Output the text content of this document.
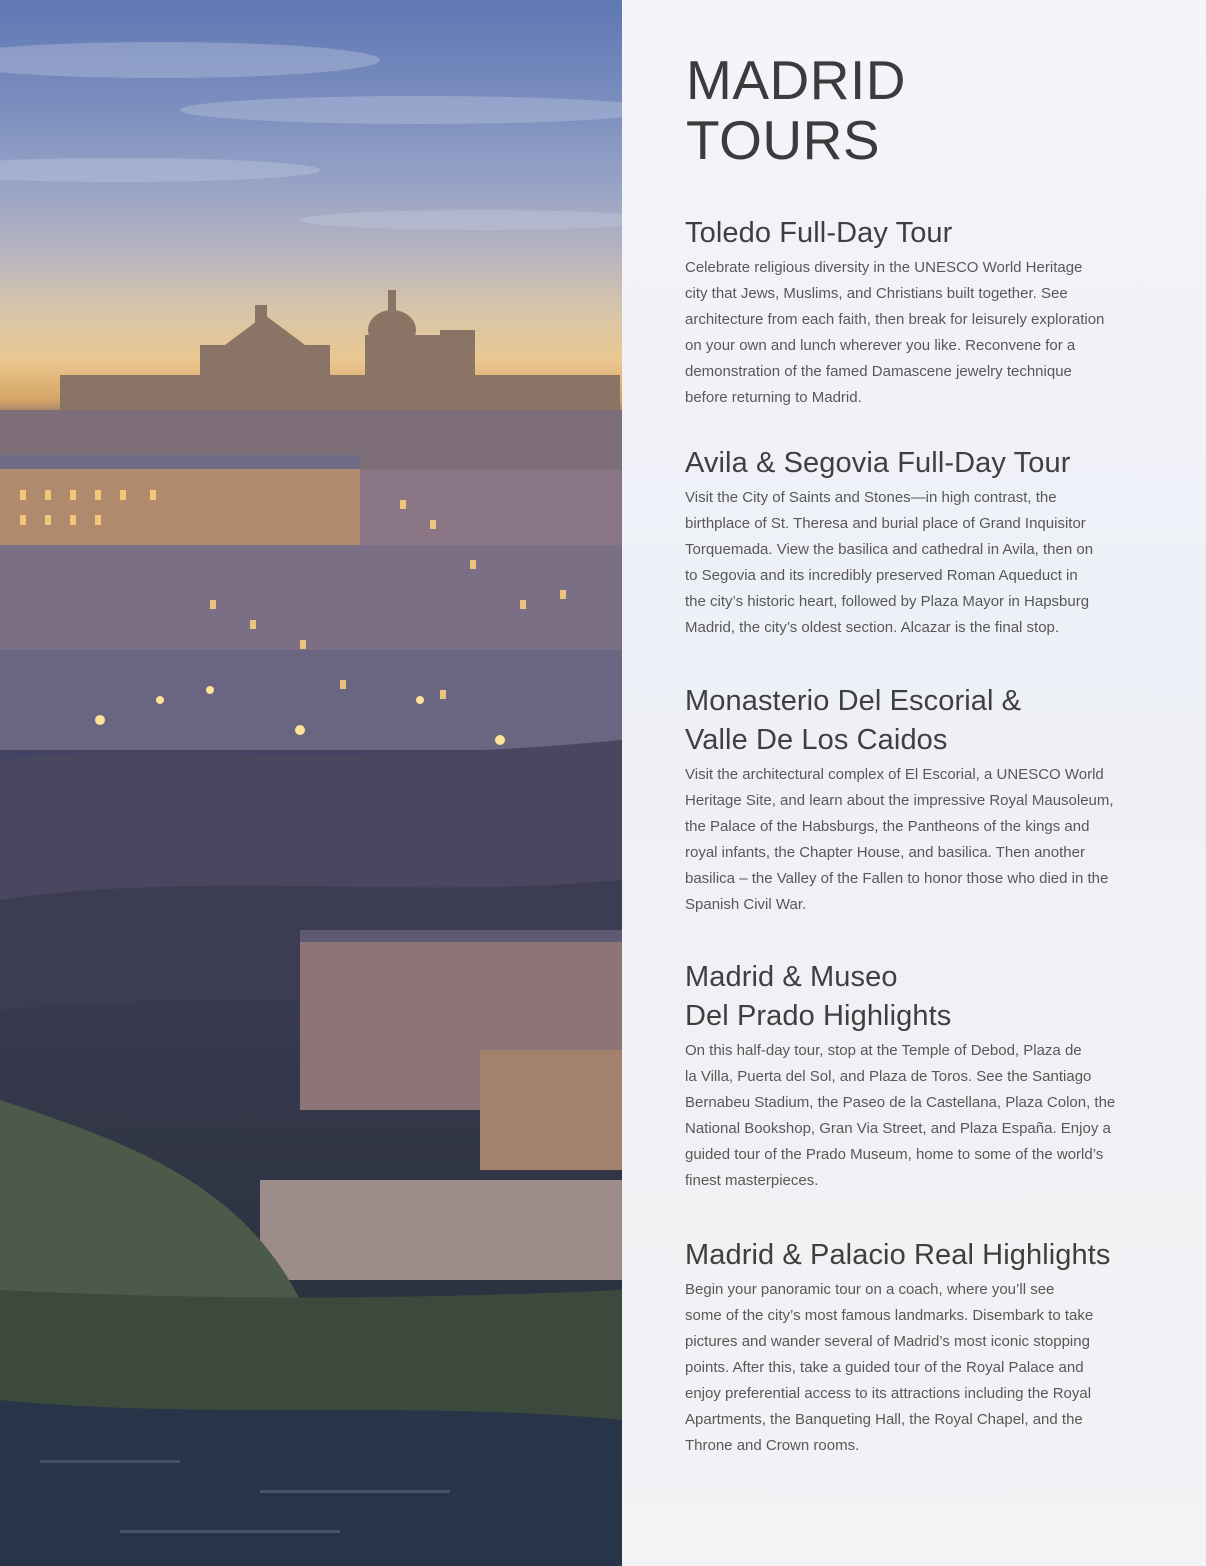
MADRID
TOURS
Toledo Full-Day Tour

Celebrate religious diversity in the UNESCO World Heritage
city that Jews, Muslims, and Christians built together. See
architecture from each faith, then break for leisurely exploration
on your own and lunch wherever you like. Reconvene for a
demonstration of the famed Damascene jewelry technique
before returning to Madrid.

Avila & Segovia Full-Day Tour

Visit the City of Saints and Stones—in high contrast, the
birthplace of St. Theresa and burial place of Grand Inquisitor
Torquemada. View the basilica and cathedral in Avila, then on
to Segovia and its incredibly preserved Roman Aqueduct in
the city’s historic heart, followed by Plaza Mayor in Hapsburg
Madrid, the city’s oldest section. Alcazar is the final stop.

Monasterio Del Escorial &
Valle De Los Caidos

Visit the architectural complex of El Escorial, a UNESCO World
Heritage Site, and learn about the impressive Royal Mausoleum,
the Palace of the Habsburgs, the Pantheons of the kings and
royal infants, the Chapter House, and basilica. Then another
basilica – the Valley of the Fallen to honor those who died in the
Spanish Civil War.

Madrid & Museo
Del Prado Highlights

On this half-day tour, stop at the Temple of Debod, Plaza de
la Villa, Puerta del Sol, and Plaza de Toros. See the Santiago
Bernabeu Stadium, the Paseo de la Castellana, Plaza Colon, the
National Bookshop, Gran Via Street, and Plaza España. Enjoy a
guided tour of the Prado Museum, home to some of the world’s
finest masterpieces.

Madrid & Palacio Real Highlights

Begin your panoramic tour on a coach, where you’ll see
some of the city’s most famous landmarks. Disembark to take
pictures and wander several of Madrid’s most iconic stopping
points. After this, take a guided tour of the Royal Palace and
enjoy preferential access to its attractions including the Royal
Apartments, the Banqueting Hall, the Royal Chapel, and the
Throne and Crown rooms.
